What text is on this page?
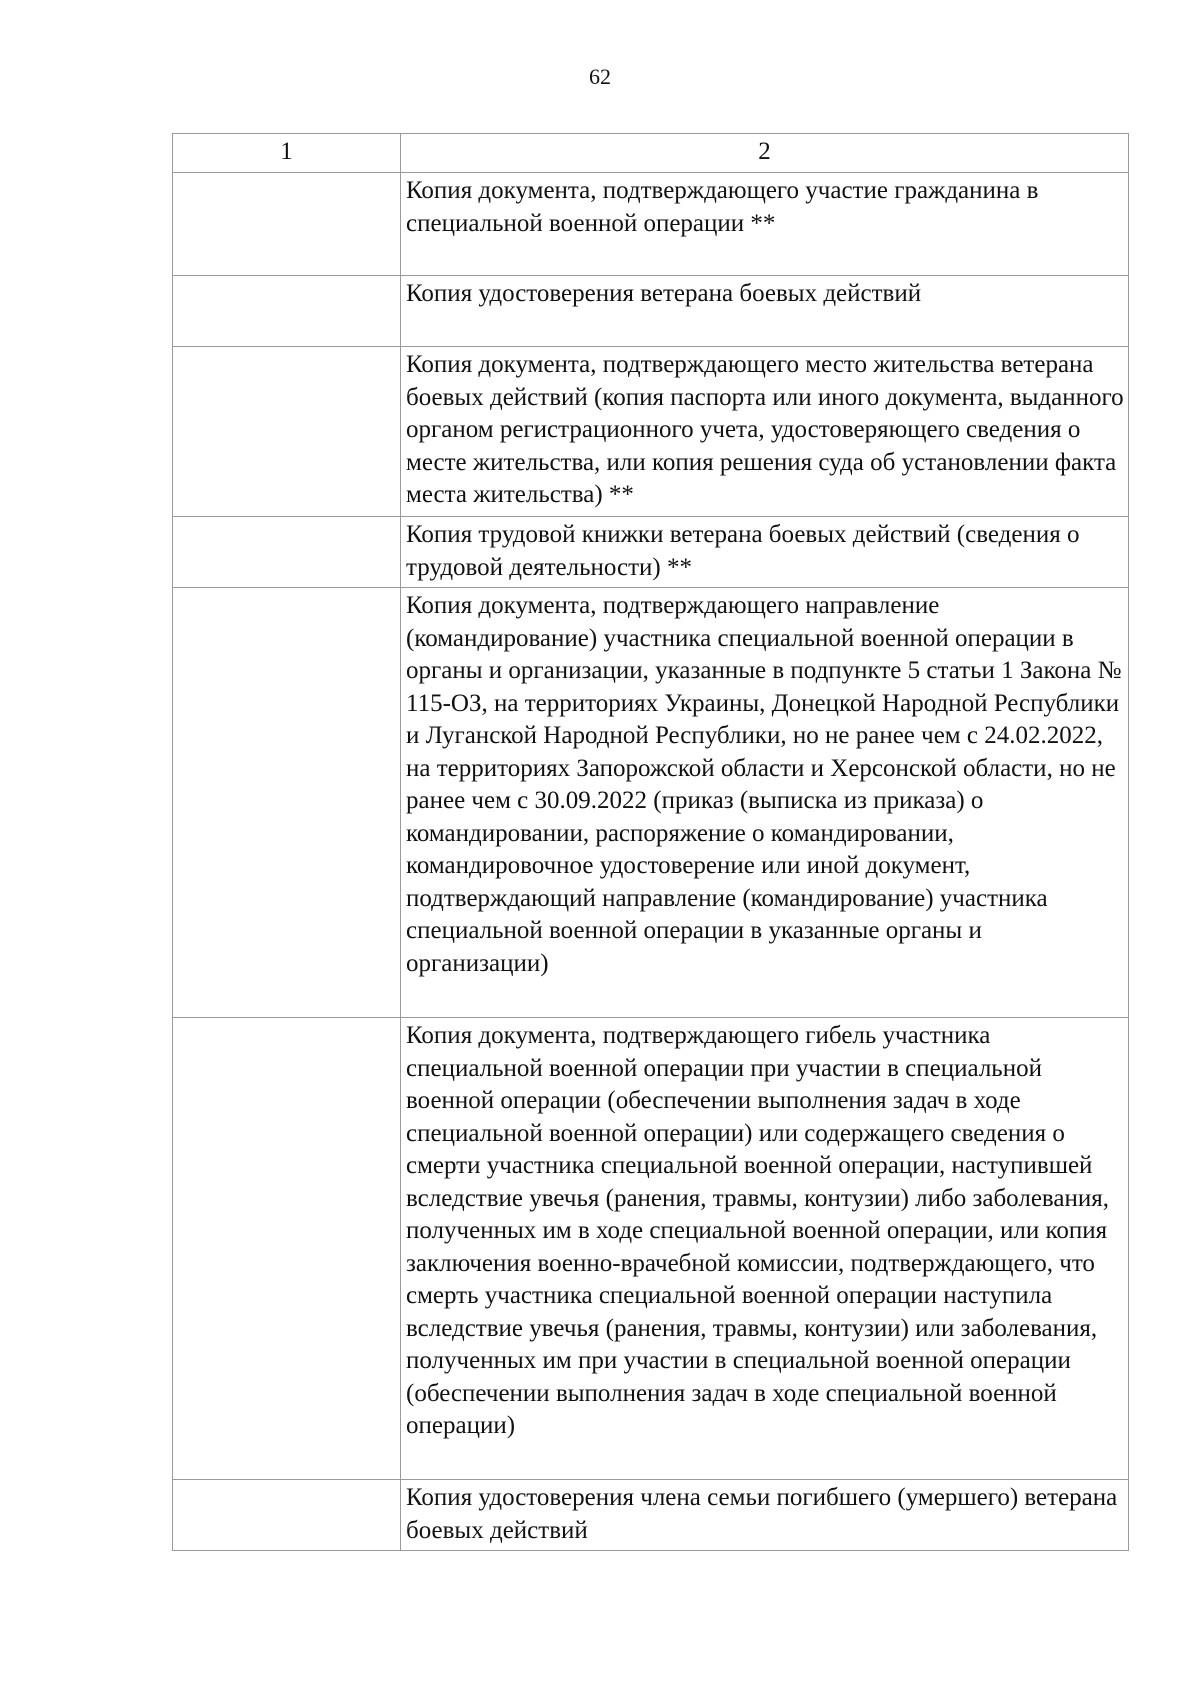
62
1	2
	Копия документа, подтверждающего участие гражданина в специальной военной операции **
	Копия удостоверения ветерана боевых действий
	Копия документа, подтверждающего место жительства ветерана боевых действий (копия паспорта или иного документа, выданного органом регистрационного учета, удостоверяющего сведения о месте жительства, или копия решения суда об установлении факта места жительства) **
	Копия трудовой книжки ветерана боевых действий (сведения о трудовой деятельности) **
	Копия документа, подтверждающего направление (командирование) участника специальной военной операции в органы и организации, указанные в подпункте 5 статьи 1 Закона № 115-ОЗ, на территориях Украины, Донецкой Народной Республики и Луганской Народной Республики, но не ранее чем с 24.02.2022, на территориях Запорожской области и Херсонской области, но не ранее чем с 30.09.2022 (приказ (выписка из приказа) о командировании, распоряжение о командировании, командировочное удостоверение или иной документ, подтверждающий направление (командирование) участника специальной военной операции в указанные органы и организации)
	Копия документа, подтверждающего гибель участника специальной военной операции при участии в специальной военной операции (обеспечении выполнения задач в ходе специальной военной операции) или содержащего сведения о смерти участника специальной военной операции, наступившей вследствие увечья (ранения, травмы, контузии) либо заболевания, полученных им в ходе специальной военной операции, или копия заключения военно-врачебной комиссии, подтверждающего, что смерть участника специальной военной операции наступила вследствие увечья (ранения, травмы, контузии) или заболевания, полученных им при участии в специальной военной операции (обеспечении выполнения задач в ходе специальной военной операции)
	Копия удостоверения члена семьи погибшего (умершего) ветерана боевых действий
